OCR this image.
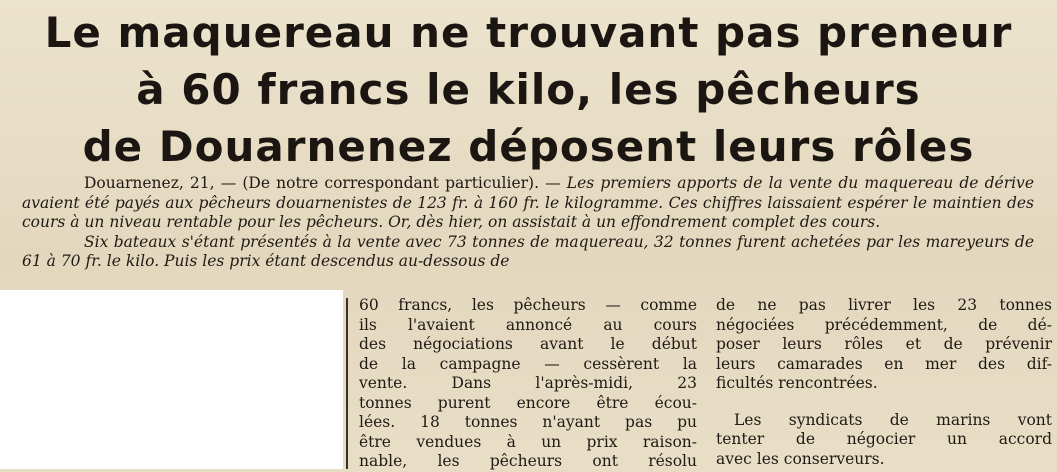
Le maquereau ne trouvant pas preneur
à 60 francs le kilo, les pêcheurs
de Douarnenez déposent leurs rôles

Douarnenez, 21, — (De notre correspondant particulier). — Les premiers apports de la vente du maquereau de dérive avaient été payés aux pêcheurs douarnenistes de 123 fr. à 160 fr. le kilogramme. Ces chiffres laissaient espérer le maintien des cours à un niveau rentable pour les pêcheurs. Or, dès hier, on assistait à un effondrement complet des cours.

Six bateaux s'étant présentés à la vente avec 73 tonnes de maquereau, 32 tonnes furent achetées par les mareyeurs de 61 à 70 fr. le kilo. Puis les prix étant descendus au-dessous de

60 francs, les pêcheurs — comme
ils l'avaient annoncé au cours
des négociations avant le début
de la campagne — cessèrent la
vente. Dans l'après-midi, 23
tonnes purent encore être écou-
lées. 18 tonnes n'ayant pas pu
être vendues à un prix raison-
nable, les pêcheurs ont résolu
de ne pas livrer les 23 tonnes
négociées précédemment, de dé-
poser leurs rôles et de prévenir
leurs camarades en mer des dif-
ficultés rencontrées.
Les syndicats de marins vont
tenter de négocier un accord
avec les conserveurs.
